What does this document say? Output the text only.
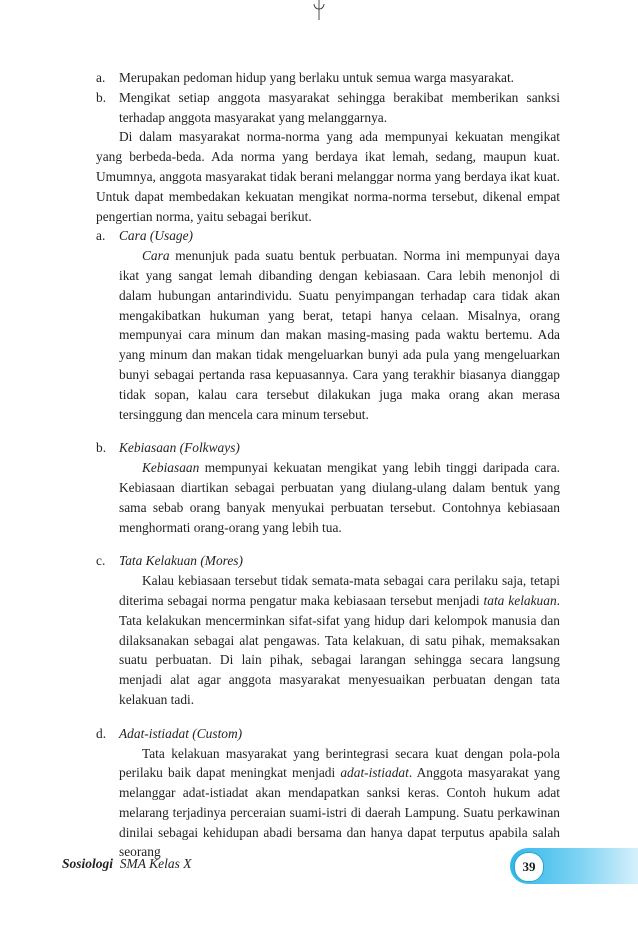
a.	Merupakan pedoman hidup yang berlaku untuk semua warga masyarakat.
b. Mengikat setiap anggota masyarakat sehingga berakibat memberikan sanksi terhadap anggota masyarakat yang melanggarnya.

Di dalam masyarakat norma-norma yang ada mempunyai kekuatan mengikat yang berbeda-beda. Ada norma yang berdaya ikat lemah, sedang, maupun kuat. Umumnya, anggota masyarakat tidak berani melanggar norma yang berdaya ikat kuat. Untuk dapat membedakan kekuatan mengikat norma-norma tersebut, dikenal empat pengertian norma, yaitu sebagai berikut.

a.	Cara (Usage)

Cara menunjuk pada suatu bentuk perbuatan. Norma ini mempunyai daya ikat yang sangat lemah dibanding dengan kebiasaan. Cara lebih menonjol di dalam hubungan antarindividu. Suatu penyimpangan terhadap cara tidak akan mengakibatkan hukuman yang berat, tetapi hanya celaan. Misalnya, orang mempunyai cara minum dan makan masing-masing pada waktu bertemu. Ada yang minum dan makan tidak mengeluarkan bunyi ada pula yang mengeluarkan bunyi sebagai pertanda rasa kepuasannya. Cara yang terakhir biasanya dianggap tidak sopan, kalau cara tersebut dilakukan juga maka orang akan merasa tersinggung dan mencela cara minum tersebut.

b. Kebiasaan (Folkways)

Kebiasaan mempunyai kekuatan mengikat yang lebih tinggi daripada cara. Kebiasaan diartikan sebagai perbuatan yang diulang-ulang dalam bentuk yang sama sebab orang banyak menyukai perbuatan tersebut. Contohnya kebiasaan menghormati orang-orang yang lebih tua.

c.	Tata Kelakuan (Mores)

Kalau kebiasaan tersebut tidak semata-mata sebagai cara perilaku saja, tetapi diterima sebagai norma pengatur maka kebiasaan tersebut menjadi tata kelakuan. Tata kelakukan mencerminkan sifat-sifat yang hidup dari kelompok manusia dan dilaksanakan sebagai alat pengawas. Tata kelakuan, di satu pihak, memaksakan suatu perbuatan. Di lain pihak, sebagai larangan sehingga secara langsung menjadi alat agar anggota masyarakat menyesuaikan perbuatan dengan tata kelakuan tadi.

d. Adat-istiadat (Custom)

Tata kelakuan masyarakat yang berintegrasi secara kuat dengan pola-pola perilaku baik dapat meningkat menjadi adat-istiadat. Anggota masyarakat yang melanggar adat-istiadat akan mendapatkan sanksi keras. Contoh hukum adat melarang terjadinya perceraian suami-istri di daerah Lampung. Suatu perkawinan dinilai sebagai kehidupan abadi bersama dan hanya dapat terputus apabila salah seorang

Sosiologi SMA Kelas X	39
